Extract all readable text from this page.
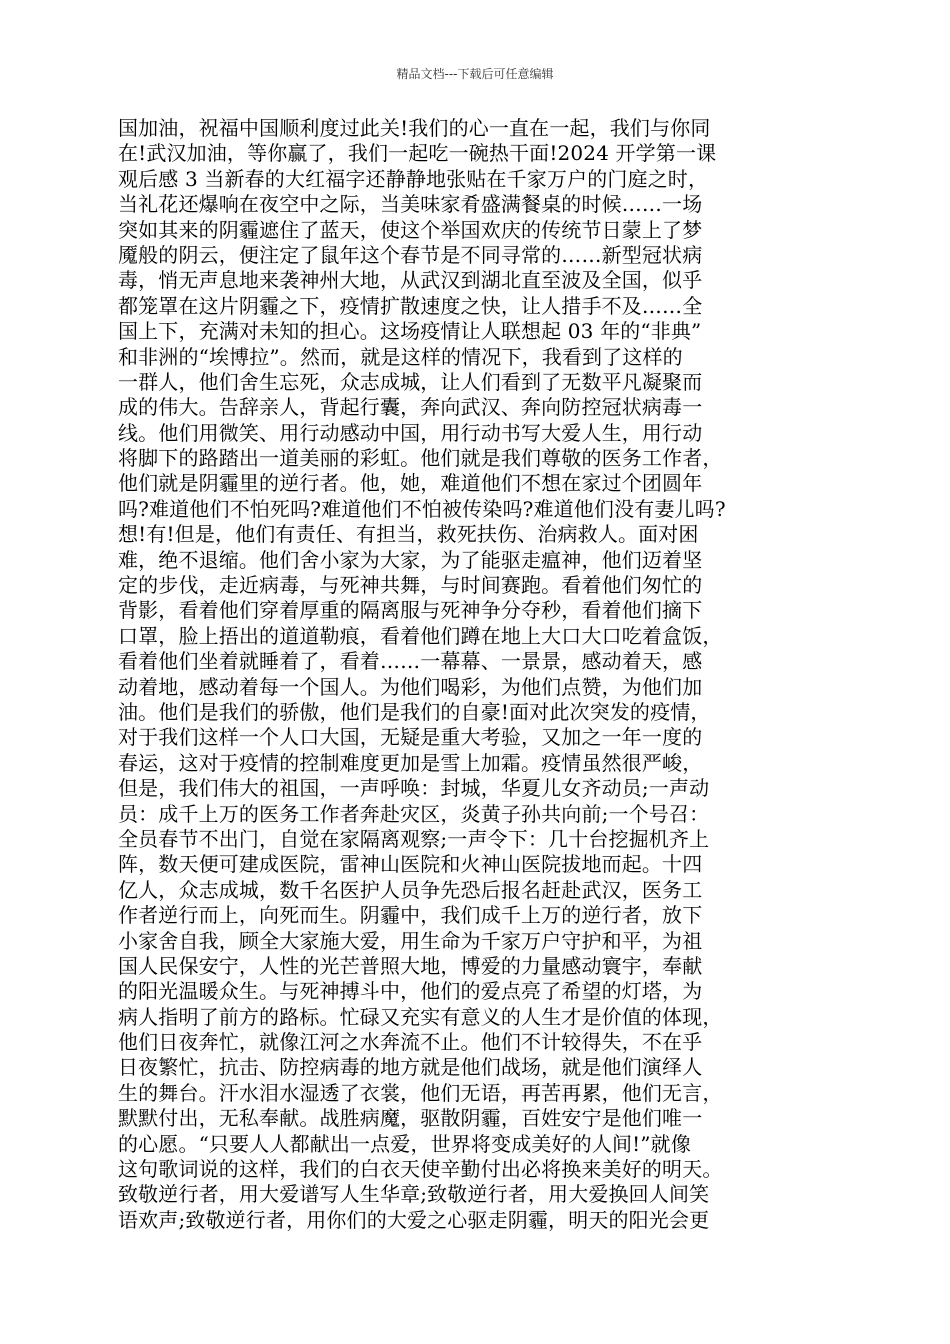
精品文档---下载后可任意编辑
国加油，祝福中国顺利度过此关!我们的心一直在一起，我们与你同
在!武汉加油，等你赢了，我们一起吃一碗热干面!2024 开学第一课
观后感 3 当新春的大红福字还静静地张贴在千家万户的门庭之时，
当礼花还爆响在夜空中之际，当美味家肴盛满餐桌的时候……一场
突如其来的阴霾遮住了蓝天，使这个举国欢庆的传统节日蒙上了梦
魇般的阴云，便注定了鼠年这个春节是不同寻常的……新型冠状病
毒，悄无声息地来袭神州大地，从武汉到湖北直至波及全国，似乎
都笼罩在这片阴霾之下，疫情扩散速度之快，让人措手不及……全
国上下，充满对未知的担心。这场疫情让人联想起 03 年的“非典”
和非洲的“埃博拉”。然而，就是这样的情况下，我看到了这样的
一群人，他们舍生忘死，众志成城，让人们看到了无数平凡凝聚而
成的伟大。告辞亲人，背起行囊，奔向武汉、奔向防控冠状病毒一
线。他们用微笑、用行动感动中国，用行动书写大爱人生，用行动
将脚下的路踏出一道美丽的彩虹。他们就是我们尊敬的医务工作者，
他们就是阴霾里的逆行者。他，她，难道他们不想在家过个团圆年
吗?难道他们不怕死吗?难道他们不怕被传染吗?难道他们没有妻儿吗?
想!有!但是，他们有责任、有担当，救死扶伤、治病救人。面对困
难，绝不退缩。他们舍小家为大家，为了能驱走瘟神，他们迈着坚
定的步伐，走近病毒，与死神共舞，与时间赛跑。看着他们匆忙的
背影，看着他们穿着厚重的隔离服与死神争分夺秒，看着他们摘下
口罩，脸上捂出的道道勒痕，看着他们蹲在地上大口大口吃着盒饭，
看着他们坐着就睡着了，看着……一幕幕、一景景，感动着天，感
动着地，感动着每一个国人。为他们喝彩，为他们点赞，为他们加
油。他们是我们的骄傲，他们是我们的自豪!面对此次突发的疫情，
对于我们这样一个人口大国，无疑是重大考验，又加之一年一度的
春运，这对于疫情的控制难度更加是雪上加霜。疫情虽然很严峻，
但是，我们伟大的祖国，一声呼唤：封城，华夏儿女齐动员;一声动
员：成千上万的医务工作者奔赴灾区，炎黄子孙共向前;一个号召：
全员春节不出门，自觉在家隔离观察;一声令下：几十台挖掘机齐上
阵，数天便可建成医院，雷神山医院和火神山医院拔地而起。十四
亿人，众志成城，数千名医护人员争先恐后报名赶赴武汉，医务工
作者逆行而上，向死而生。阴霾中，我们成千上万的逆行者，放下
小家舍自我，顾全大家施大爱，用生命为千家万户守护和平，为祖
国人民保安宁，人性的光芒普照大地，博爱的力量感动寰宇，奉献
的阳光温暖众生。与死神搏斗中，他们的爱点亮了希望的灯塔，为
病人指明了前方的路标。忙碌又充实有意义的人生才是价值的体现，
他们日夜奔忙，就像江河之水奔流不止。他们不计较得失，不在乎
日夜繁忙，抗击、防控病毒的地方就是他们战场，就是他们演绎人
生的舞台。汗水泪水湿透了衣裳，他们无语，再苦再累，他们无言，
默默付出，无私奉献。战胜病魔，驱散阴霾，百姓安宁是他们唯一
的心愿。“只要人人都献出一点爱，世界将变成美好的人间!”就像
这句歌词说的这样，我们的白衣天使辛勤付出必将换来美好的明天。
致敬逆行者，用大爱谱写人生华章;致敬逆行者，用大爱换回人间笑
语欢声;致敬逆行者，用你们的大爱之心驱走阴霾，明天的阳光会更
